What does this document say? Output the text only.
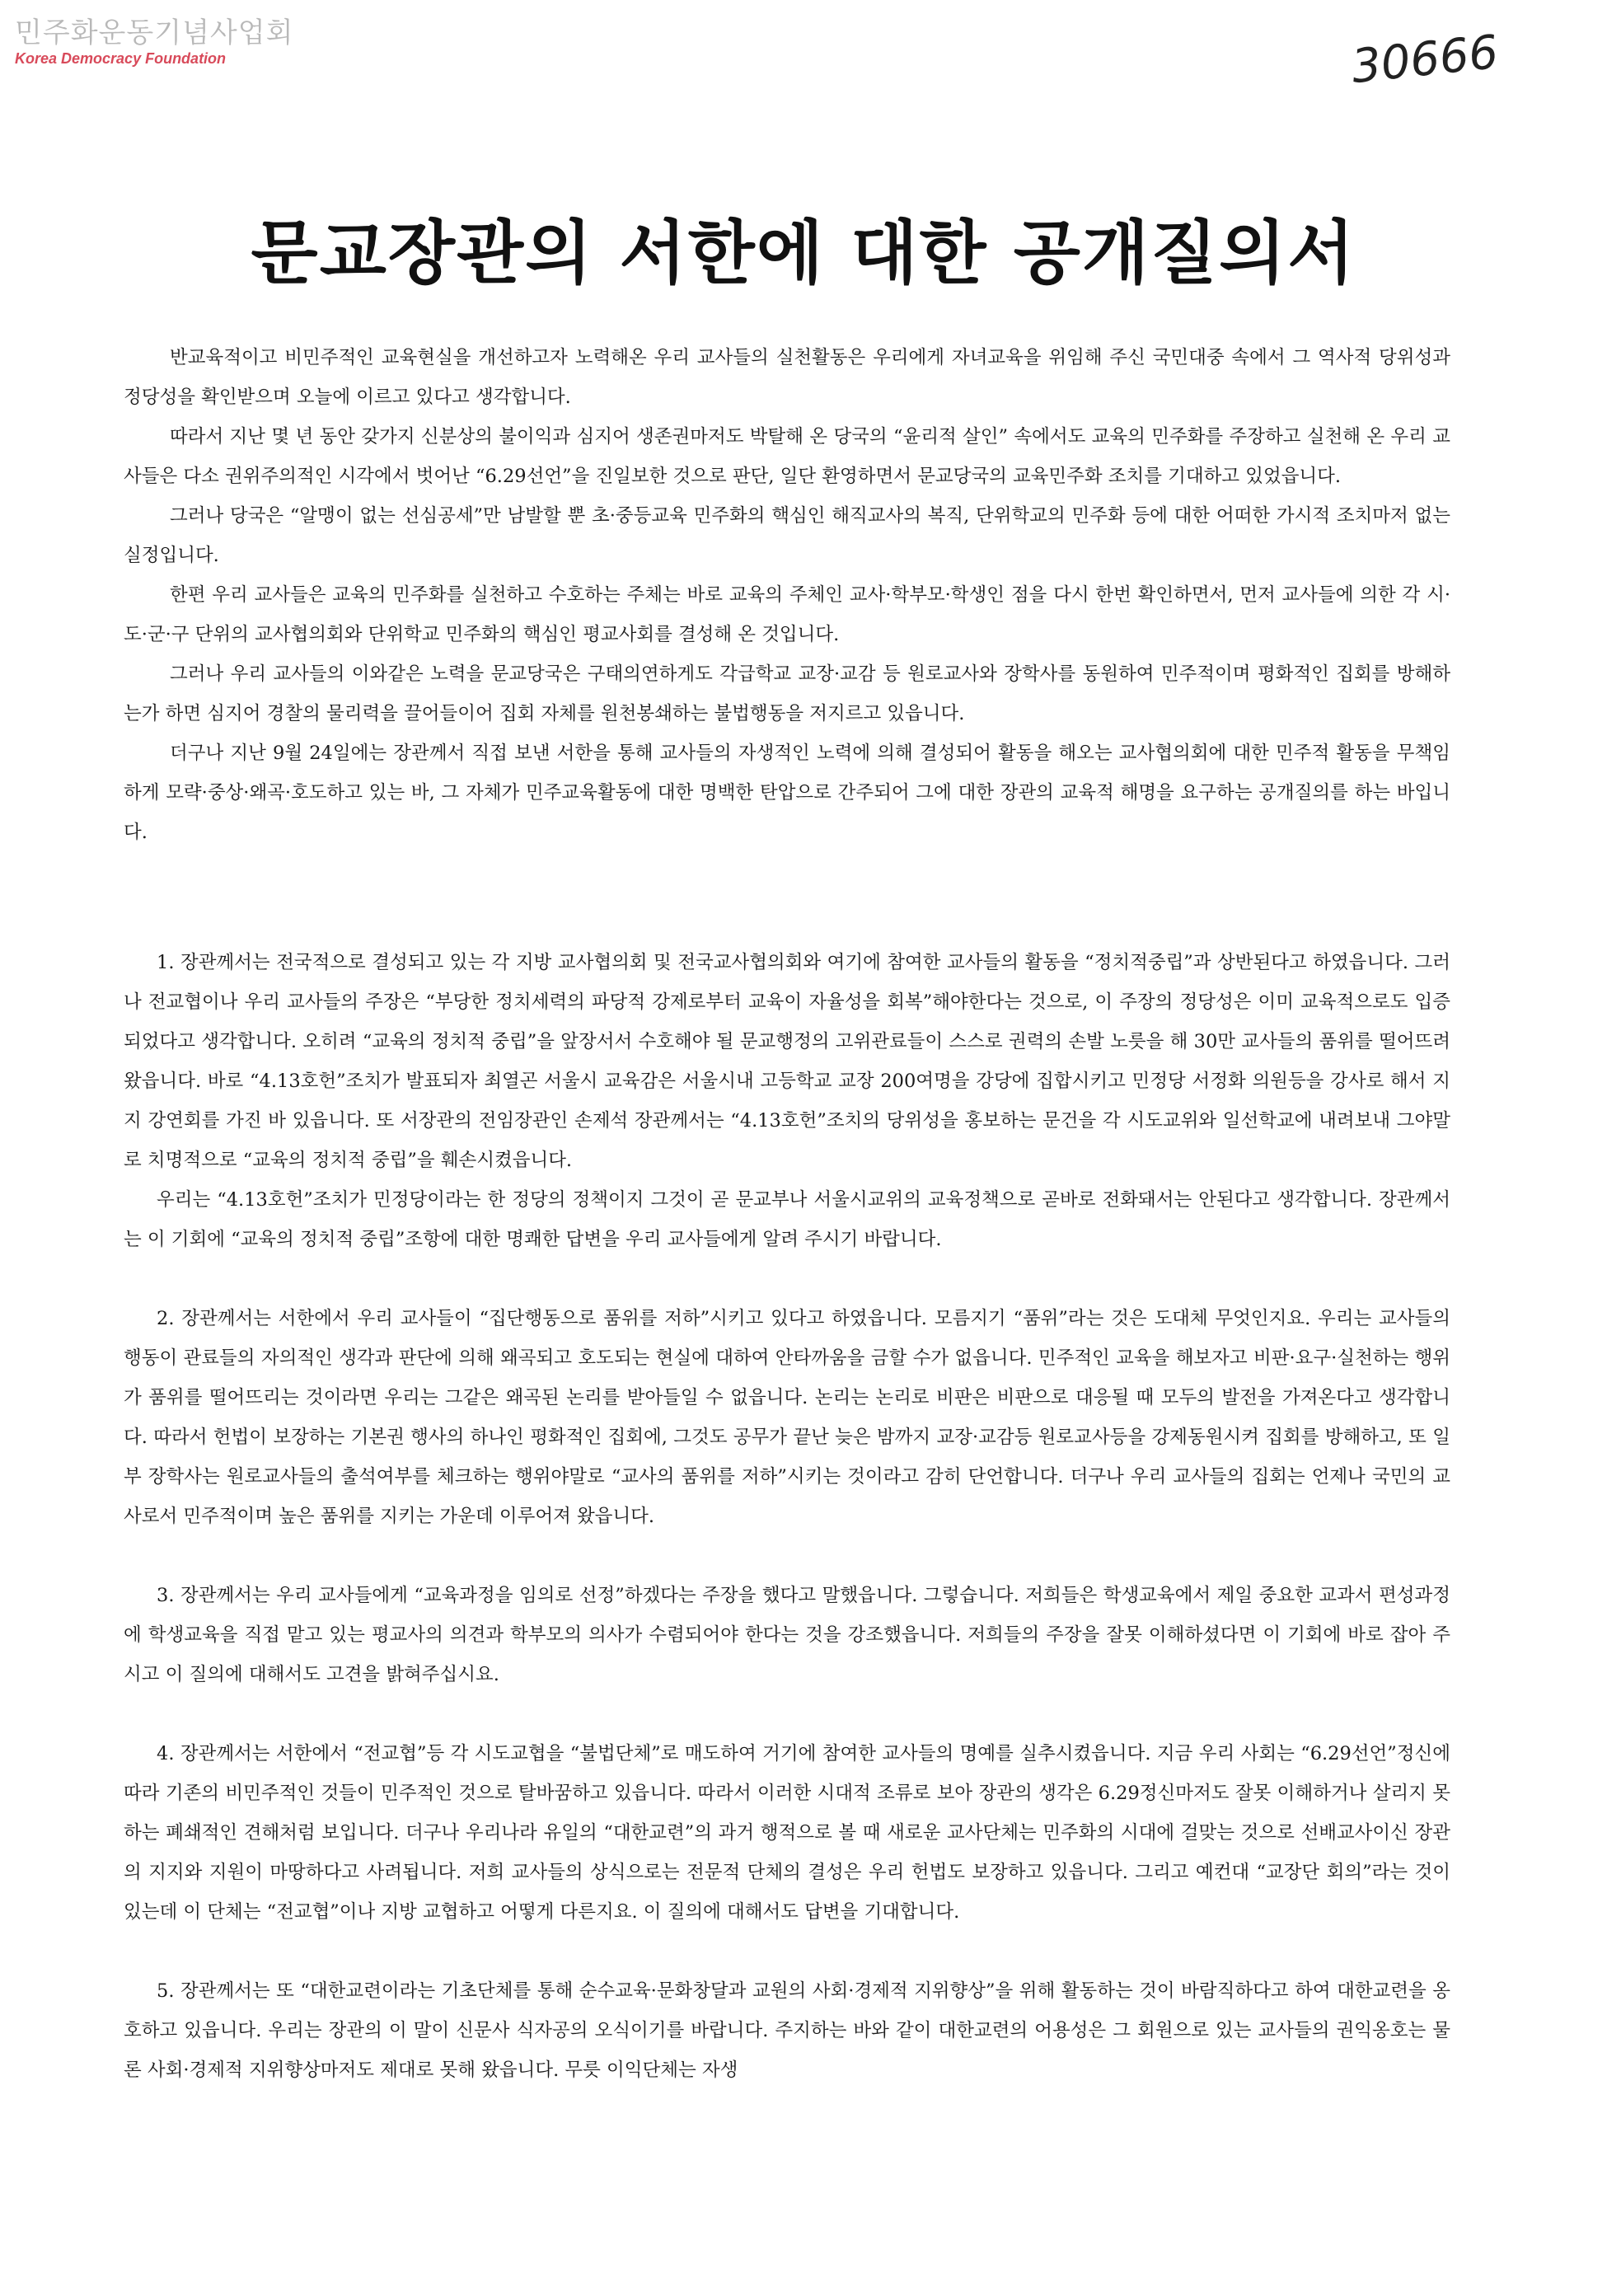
민주화운동기념사업회
Korea Democracy Foundation	30666
문교장관의 서한에 대한 공개질의서

반교육적이고 비민주적인 교육현실을 개선하고자 노력해온 우리 교사들의 실천활동은 우리에게 자녀교육을 위임해 주신 국민대중 속에서 그 역사적 당위성과 정당성을 확인받으며 오늘에 이르고 있다고 생각합니다.

따라서 지난 몇 년 동안 갖가지 신분상의 불이익과 심지어 생존권마저도 박탈해 온 당국의 “윤리적 살인” 속에서도 교육의 민주화를 주장하고 실천해 온 우리 교사들은 다소 권위주의적인 시각에서 벗어난 “6.29선언”을 진일보한 것으로 판단, 일단 환영하면서 문교당국의 교육민주화 조치를 기대하고 있었읍니다.

그러나 당국은 “알맹이 없는 선심공세”만 남발할 뿐 초·중등교육 민주화의 핵심인 해직교사의 복직, 단위학교의 민주화 등에 대한 어떠한 가시적 조치마저 없는 실정입니다.

한편 우리 교사들은 교육의 민주화를 실천하고 수호하는 주체는 바로 교육의 주체인 교사·학부모·학생인 점을 다시 한번 확인하면서, 먼저 교사들에 의한 각 시·도·군·구 단위의 교사협의회와 단위학교 민주화의 핵심인 평교사회를 결성해 온 것입니다.

그러나 우리 교사들의 이와같은 노력을 문교당국은 구태의연하게도 각급학교 교장·교감 등 원로교사와 장학사를 동원하여 민주적이며 평화적인 집회를 방해하는가 하면 심지어 경찰의 물리력을 끌어들이어 집회 자체를 원천봉쇄하는 불법행동을 저지르고 있읍니다.

더구나 지난 9월 24일에는 장관께서 직접 보낸 서한을 통해 교사들의 자생적인 노력에 의해 결성되어 활동을 해오는 교사협의회에 대한 민주적 활동을 무책임하게 모략·중상·왜곡·호도하고 있는 바, 그 자체가 민주교육활동에 대한 명백한 탄압으로 간주되어 그에 대한 장관의 교육적 해명을 요구하는 공개질의를 하는 바입니다.

1. 장관께서는 전국적으로 결성되고 있는 각 지방 교사협의회 및 전국교사협의회와 여기에 참여한 교사들의 활동을 “정치적중립”과 상반된다고 하였읍니다. 그러나 전교협이나 우리 교사들의 주장은 “부당한 정치세력의 파당적 강제로부터 교육이 자율성을 회복”해야한다는 것으로, 이 주장의 정당성은 이미 교육적으로도 입증되었다고 생각합니다. 오히려 “교육의 정치적 중립”을 앞장서서 수호해야 될 문교행정의 고위관료들이 스스로 권력의 손발 노릇을 해 30만 교사들의 품위를 떨어뜨려 왔읍니다. 바로 “4.13호헌”조치가 발표되자 최열곤 서울시 교육감은 서울시내 고등학교 교장 200여명을 강당에 집합시키고 민정당 서정화 의원등을 강사로 해서 지지 강연회를 가진 바 있읍니다. 또 서장관의 전임장관인 손제석 장관께서는 “4.13호헌”조치의 당위성을 홍보하는 문건을 각 시도교위와 일선학교에 내려보내 그야말로 치명적으로 “교육의 정치적 중립”을 훼손시켰읍니다.

우리는 “4.13호헌”조치가 민정당이라는 한 정당의 정책이지 그것이 곧 문교부나 서울시교위의 교육정책으로 곧바로 전화돼서는 안된다고 생각합니다. 장관께서는 이 기회에 “교육의 정치적 중립”조항에 대한 명쾌한 답변을 우리 교사들에게 알려 주시기 바랍니다.

2. 장관께서는 서한에서 우리 교사들이 “집단행동으로 품위를 저하”시키고 있다고 하였읍니다. 모름지기 “품위”라는 것은 도대체 무엇인지요. 우리는 교사들의 행동이 관료들의 자의적인 생각과 판단에 의해 왜곡되고 호도되는 현실에 대하여 안타까움을 금할 수가 없읍니다. 민주적인 교육을 해보자고 비판·요구·실천하는 행위가 품위를 떨어뜨리는 것이라면 우리는 그같은 왜곡된 논리를 받아들일 수 없읍니다. 논리는 논리로 비판은 비판으로 대응될 때 모두의 발전을 가져온다고 생각합니다. 따라서 헌법이 보장하는 기본권 행사의 하나인 평화적인 집회에, 그것도 공무가 끝난 늦은 밤까지 교장·교감등 원로교사등을 강제동원시켜 집회를 방해하고, 또 일부 장학사는 원로교사들의 출석여부를 체크하는 행위야말로 “교사의 품위를 저하”시키는 것이라고 감히 단언합니다. 더구나 우리 교사들의 집회는 언제나 국민의 교사로서 민주적이며 높은 품위를 지키는 가운데 이루어져 왔읍니다.

3. 장관께서는 우리 교사들에게 “교육과정을 임의로 선정”하겠다는 주장을 했다고 말했읍니다. 그렇습니다. 저희들은 학생교육에서 제일 중요한 교과서 편성과정에 학생교육을 직접 맡고 있는 평교사의 의견과 학부모의 의사가 수렴되어야 한다는 것을 강조했읍니다. 저희들의 주장을 잘못 이해하셨다면 이 기회에 바로 잡아 주시고 이 질의에 대해서도 고견을 밝혀주십시요.

4. 장관께서는 서한에서 “전교협”등 각 시도교협을 “불법단체”로 매도하여 거기에 참여한 교사들의 명예를 실추시켰읍니다. 지금 우리 사회는 “6.29선언”정신에 따라 기존의 비민주적인 것들이 민주적인 것으로 탈바꿈하고 있읍니다. 따라서 이러한 시대적 조류로 보아 장관의 생각은 6.29정신마저도 잘못 이해하거나 살리지 못하는 폐쇄적인 견해처럼 보입니다. 더구나 우리나라 유일의 “대한교련”의 과거 행적으로 볼 때 새로운 교사단체는 민주화의 시대에 걸맞는 것으로 선배교사이신 장관의 지지와 지원이 마땅하다고 사려됩니다. 저희 교사들의 상식으로는 전문적 단체의 결성은 우리 헌법도 보장하고 있읍니다. 그리고 예컨대 “교장단 회의”라는 것이 있는데 이 단체는 “전교협”이나 지방 교협하고 어떻게 다른지요. 이 질의에 대해서도 답변을 기대합니다.

5. 장관께서는 또 “대한교련이라는 기초단체를 통해 순수교육·문화창달과 교원의 사회·경제적 지위향상”을 위해 활동하는 것이 바람직하다고 하여 대한교련을 옹호하고 있읍니다. 우리는 장관의 이 말이 신문사 식자공의 오식이기를 바랍니다. 주지하는 바와 같이 대한교련의 어용성은 그 회원으로 있는 교사들의 권익옹호는 물론 사회·경제적 지위향상마저도 제대로 못해 왔읍니다. 무릇 이익단체는 자생
